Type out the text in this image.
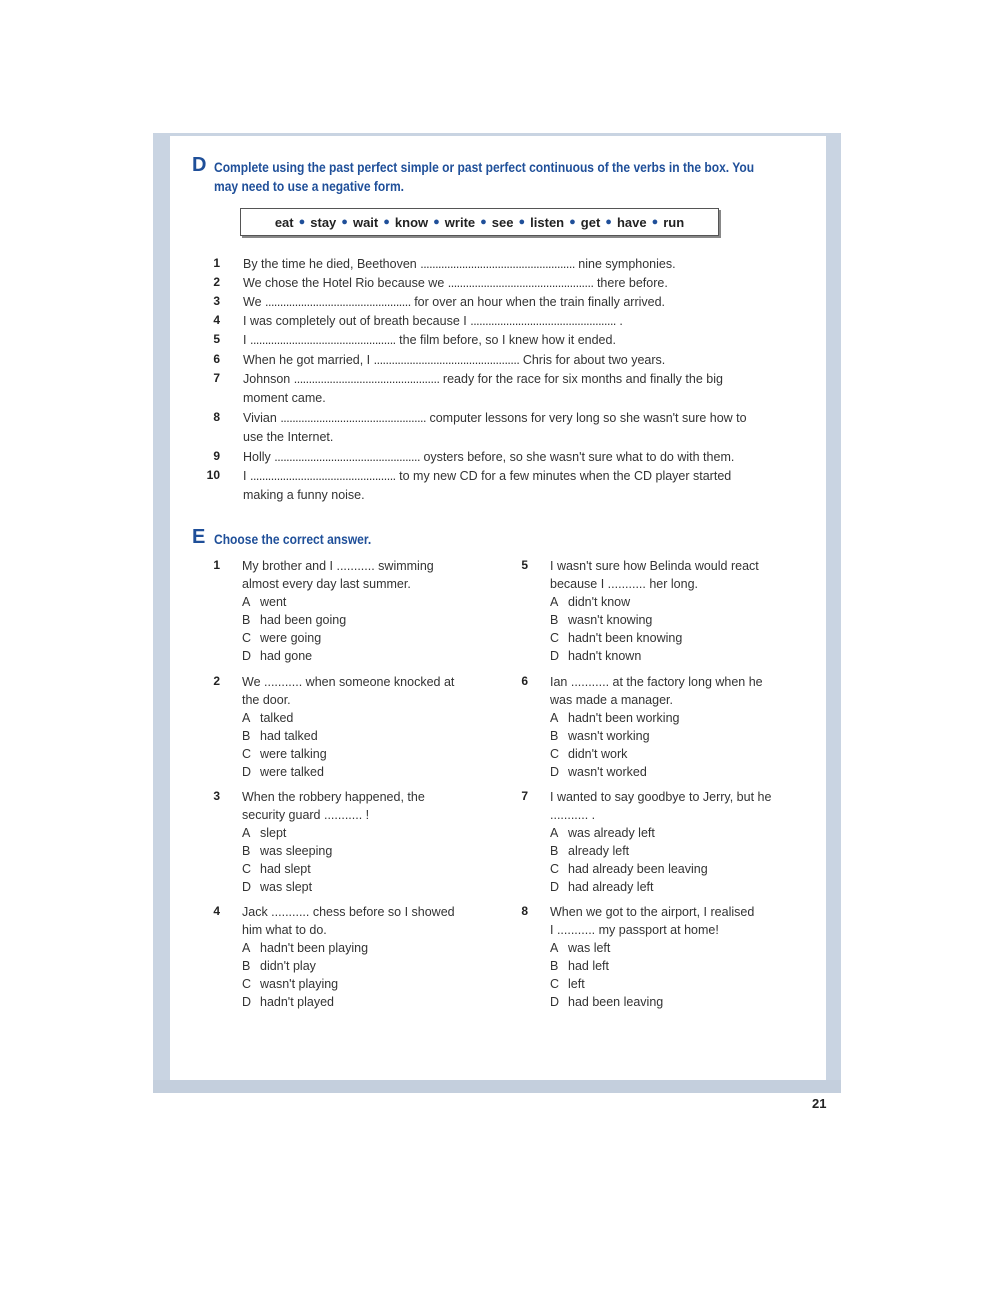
D Complete using the past perfect simple or past perfect continuous of the verbs in the box. You
may need to use a negative form.
eat ● stay ● wait ● know ● write ● see ● listen ● get ● have ● run
1 By the time he died, Beethoven .................................................... nine symphonies.
2 We chose the Hotel Rio because we ................................................. there before.
3 We ................................................. for over an hour when the train finally arrived.
4 I was completely out of breath because I ................................................. .
5 I ................................................. the film before, so I knew how it ended.
6 When he got married, I ................................................. Chris for about two years.
7 Johnson ................................................. ready for the race for six months and finally the big
moment came.
8 Vivian ................................................. computer lessons for very long so she wasn't sure how to
use the Internet.
9 Holly ................................................. oysters before, so she wasn't sure what to do with them.
10 I ................................................. to my new CD for a few minutes when the CD player started
making a funny noise.
E Choose the correct answer.
1 My brother and I ........... swimming
almost every day last summer.
A went
B had been going
C were going
D had gone
2 We ........... when someone knocked at
the door.
A talked
B had talked
C were talking
D were talked
3 When the robbery happened, the
security guard ........... !
A slept
B was sleeping
C had slept
D was slept
4 Jack ........... chess before so I showed
him what to do.
A hadn't been playing
B didn't play
C wasn't playing
D hadn't played
5 I wasn't sure how Belinda would react
because I ........... her long.
A didn't know
B wasn't knowing
C hadn't been knowing
D hadn't known
6 Ian ........... at the factory long when he
was made a manager.
A hadn't been working
B wasn't working
C didn't work
D wasn't worked
7 I wanted to say goodbye to Jerry, but he
........... .
A was already left
B already left
C had already been leaving
D had already left
8 When we got to the airport, I realised
I ........... my passport at home!
A was left
B had left
C left
D had been leaving
21
